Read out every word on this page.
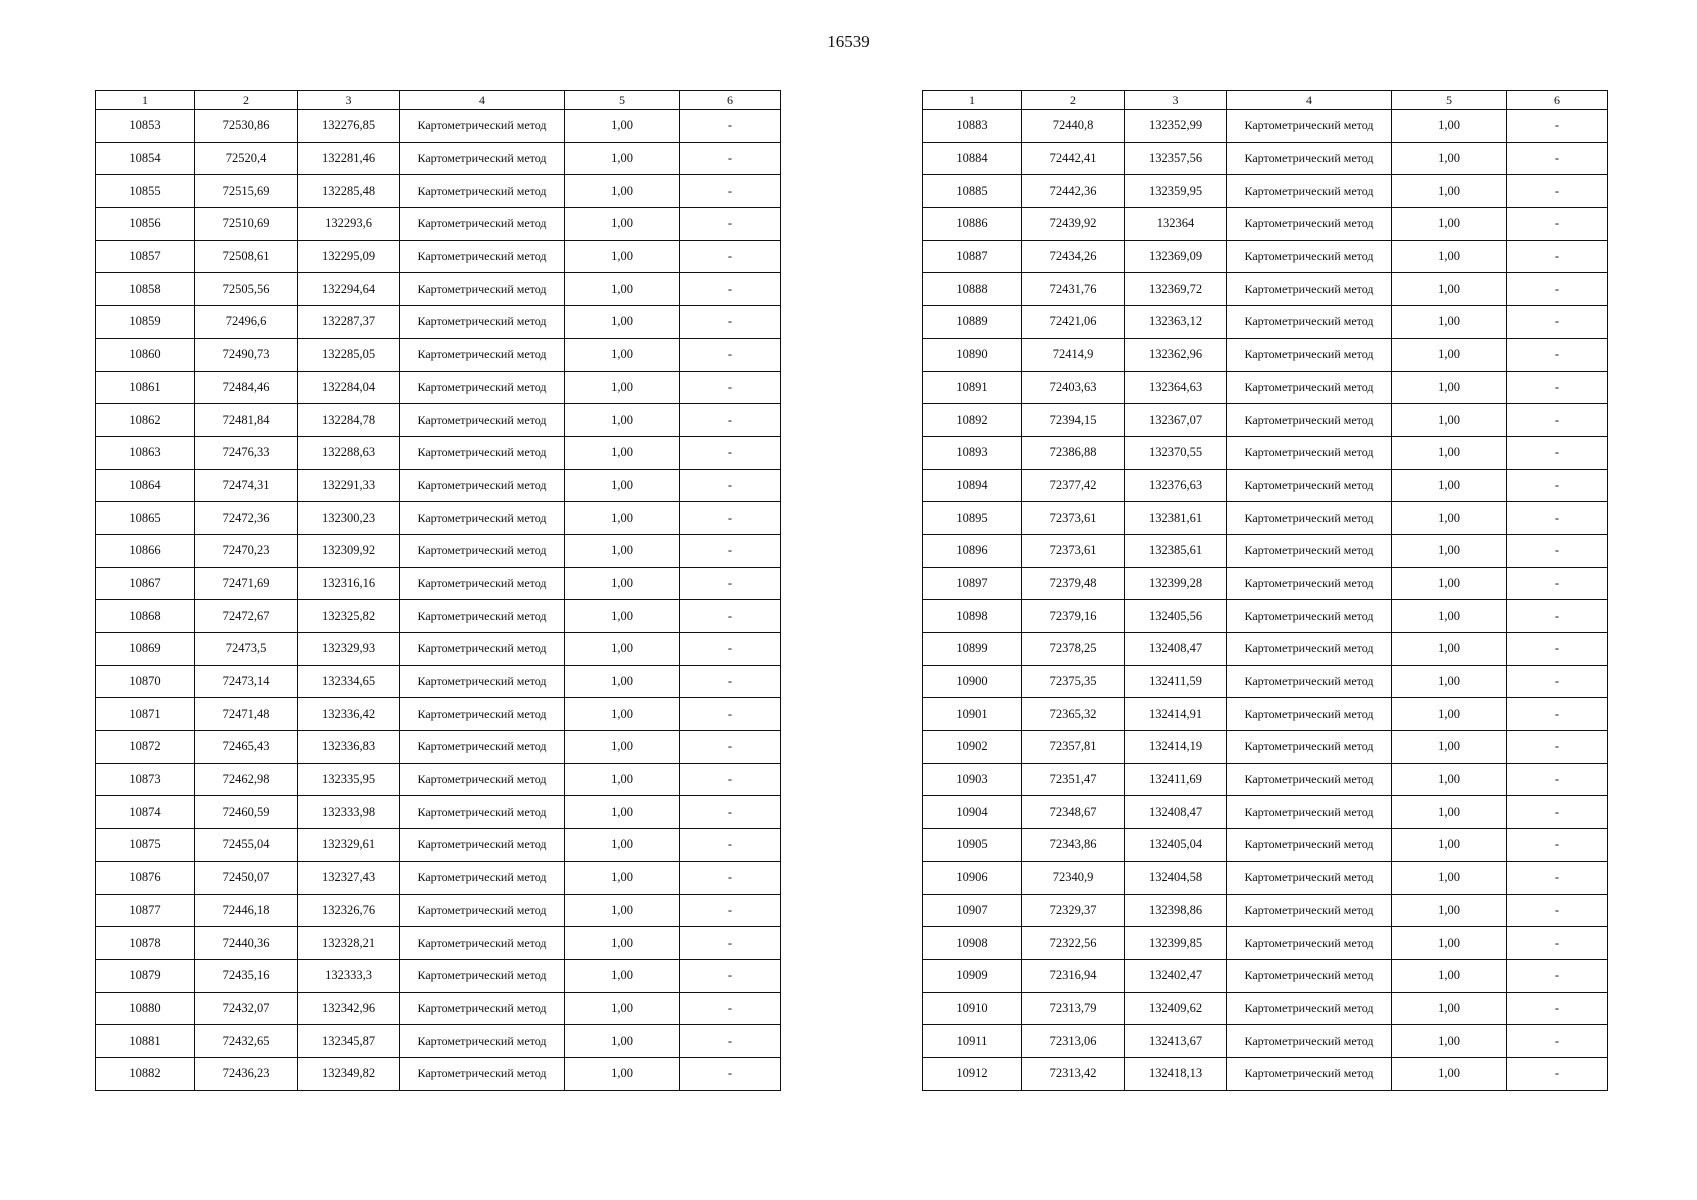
16539
1	2	3	4	5	6
10853	72530,86	132276,85	Картометрический метод	1,00	-
10854	72520,4	132281,46	Картометрический метод	1,00	-
10855	72515,69	132285,48	Картометрический метод	1,00	-
10856	72510,69	132293,6	Картометрический метод	1,00	-
10857	72508,61	132295,09	Картометрический метод	1,00	-
10858	72505,56	132294,64	Картометрический метод	1,00	-
10859	72496,6	132287,37	Картометрический метод	1,00	-
10860	72490,73	132285,05	Картометрический метод	1,00	-
10861	72484,46	132284,04	Картометрический метод	1,00	-
10862	72481,84	132284,78	Картометрический метод	1,00	-
10863	72476,33	132288,63	Картометрический метод	1,00	-
10864	72474,31	132291,33	Картометрический метод	1,00	-
10865	72472,36	132300,23	Картометрический метод	1,00	-
10866	72470,23	132309,92	Картометрический метод	1,00	-
10867	72471,69	132316,16	Картометрический метод	1,00	-
10868	72472,67	132325,82	Картометрический метод	1,00	-
10869	72473,5	132329,93	Картометрический метод	1,00	-
10870	72473,14	132334,65	Картометрический метод	1,00	-
10871	72471,48	132336,42	Картометрический метод	1,00	-
10872	72465,43	132336,83	Картометрический метод	1,00	-
10873	72462,98	132335,95	Картометрический метод	1,00	-
10874	72460,59	132333,98	Картометрический метод	1,00	-
10875	72455,04	132329,61	Картометрический метод	1,00	-
10876	72450,07	132327,43	Картометрический метод	1,00	-
10877	72446,18	132326,76	Картометрический метод	1,00	-
10878	72440,36	132328,21	Картометрический метод	1,00	-
10879	72435,16	132333,3	Картометрический метод	1,00	-
10880	72432,07	132342,96	Картометрический метод	1,00	-
10881	72432,65	132345,87	Картометрический метод	1,00	-
10882	72436,23	132349,82	Картометрический метод	1,00	-
1	2	3	4	5	6
10883	72440,8	132352,99	Картометрический метод	1,00	-
10884	72442,41	132357,56	Картометрический метод	1,00	-
10885	72442,36	132359,95	Картометрический метод	1,00	-
10886	72439,92	132364	Картометрический метод	1,00	-
10887	72434,26	132369,09	Картометрический метод	1,00	-
10888	72431,76	132369,72	Картометрический метод	1,00	-
10889	72421,06	132363,12	Картометрический метод	1,00	-
10890	72414,9	132362,96	Картометрический метод	1,00	-
10891	72403,63	132364,63	Картометрический метод	1,00	-
10892	72394,15	132367,07	Картометрический метод	1,00	-
10893	72386,88	132370,55	Картометрический метод	1,00	-
10894	72377,42	132376,63	Картометрический метод	1,00	-
10895	72373,61	132381,61	Картометрический метод	1,00	-
10896	72373,61	132385,61	Картометрический метод	1,00	-
10897	72379,48	132399,28	Картометрический метод	1,00	-
10898	72379,16	132405,56	Картометрический метод	1,00	-
10899	72378,25	132408,47	Картометрический метод	1,00	-
10900	72375,35	132411,59	Картометрический метод	1,00	-
10901	72365,32	132414,91	Картометрический метод	1,00	-
10902	72357,81	132414,19	Картометрический метод	1,00	-
10903	72351,47	132411,69	Картометрический метод	1,00	-
10904	72348,67	132408,47	Картометрический метод	1,00	-
10905	72343,86	132405,04	Картометрический метод	1,00	-
10906	72340,9	132404,58	Картометрический метод	1,00	-
10907	72329,37	132398,86	Картометрический метод	1,00	-
10908	72322,56	132399,85	Картометрический метод	1,00	-
10909	72316,94	132402,47	Картометрический метод	1,00	-
10910	72313,79	132409,62	Картометрический метод	1,00	-
10911	72313,06	132413,67	Картометрический метод	1,00	-
10912	72313,42	132418,13	Картометрический метод	1,00	-
